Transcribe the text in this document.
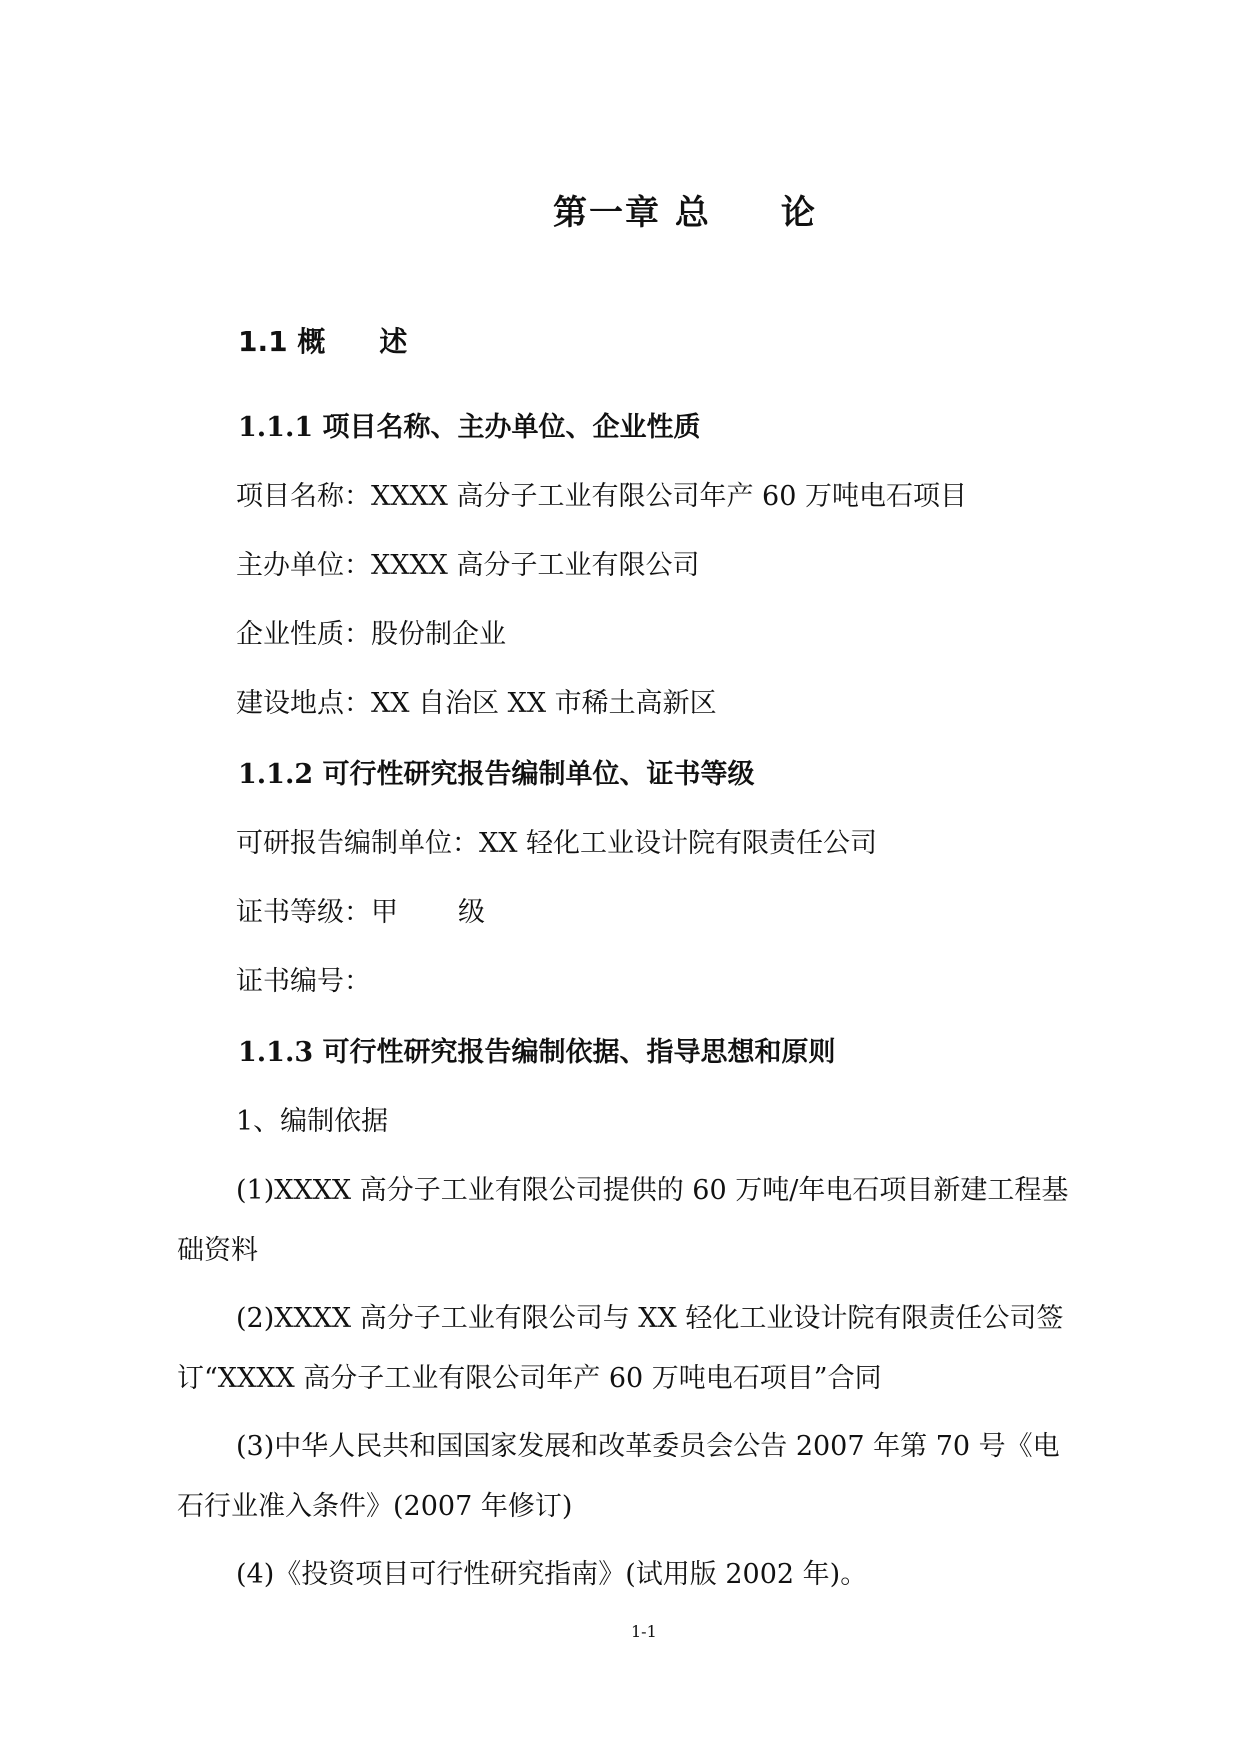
第一章 总 论
1.1 概 述
1.1.1 项目名称、主办单位、企业性质
项目名称：XXXX 高分子工业有限公司年产 60 万吨电石项目
主办单位：XXXX 高分子工业有限公司
企业性质：股份制企业
建设地点：XX 自治区 XX 市稀土高新区
1.1.2 可行性研究报告编制单位、证书等级
可研报告编制单位：XX 轻化工业设计院有限责任公司
证书等级：甲 级
证书编号：
1.1.3 可行性研究报告编制依据、指导思想和原则
1、编制依据
(1)XXXX 高分子工业有限公司提供的 60 万吨/年电石项目新建工程基
础资料
(2)XXXX 高分子工业有限公司与 XX 轻化工业设计院有限责任公司签
订“XXXX 高分子工业有限公司年产 60 万吨电石项目”合同
(3)中华人民共和国国家发展和改革委员会公告 2007 年第 70 号《电
石行业准入条件》(2007 年修订)
(4)《投资项目可行性研究指南》(试用版 2002 年)。
1-1
